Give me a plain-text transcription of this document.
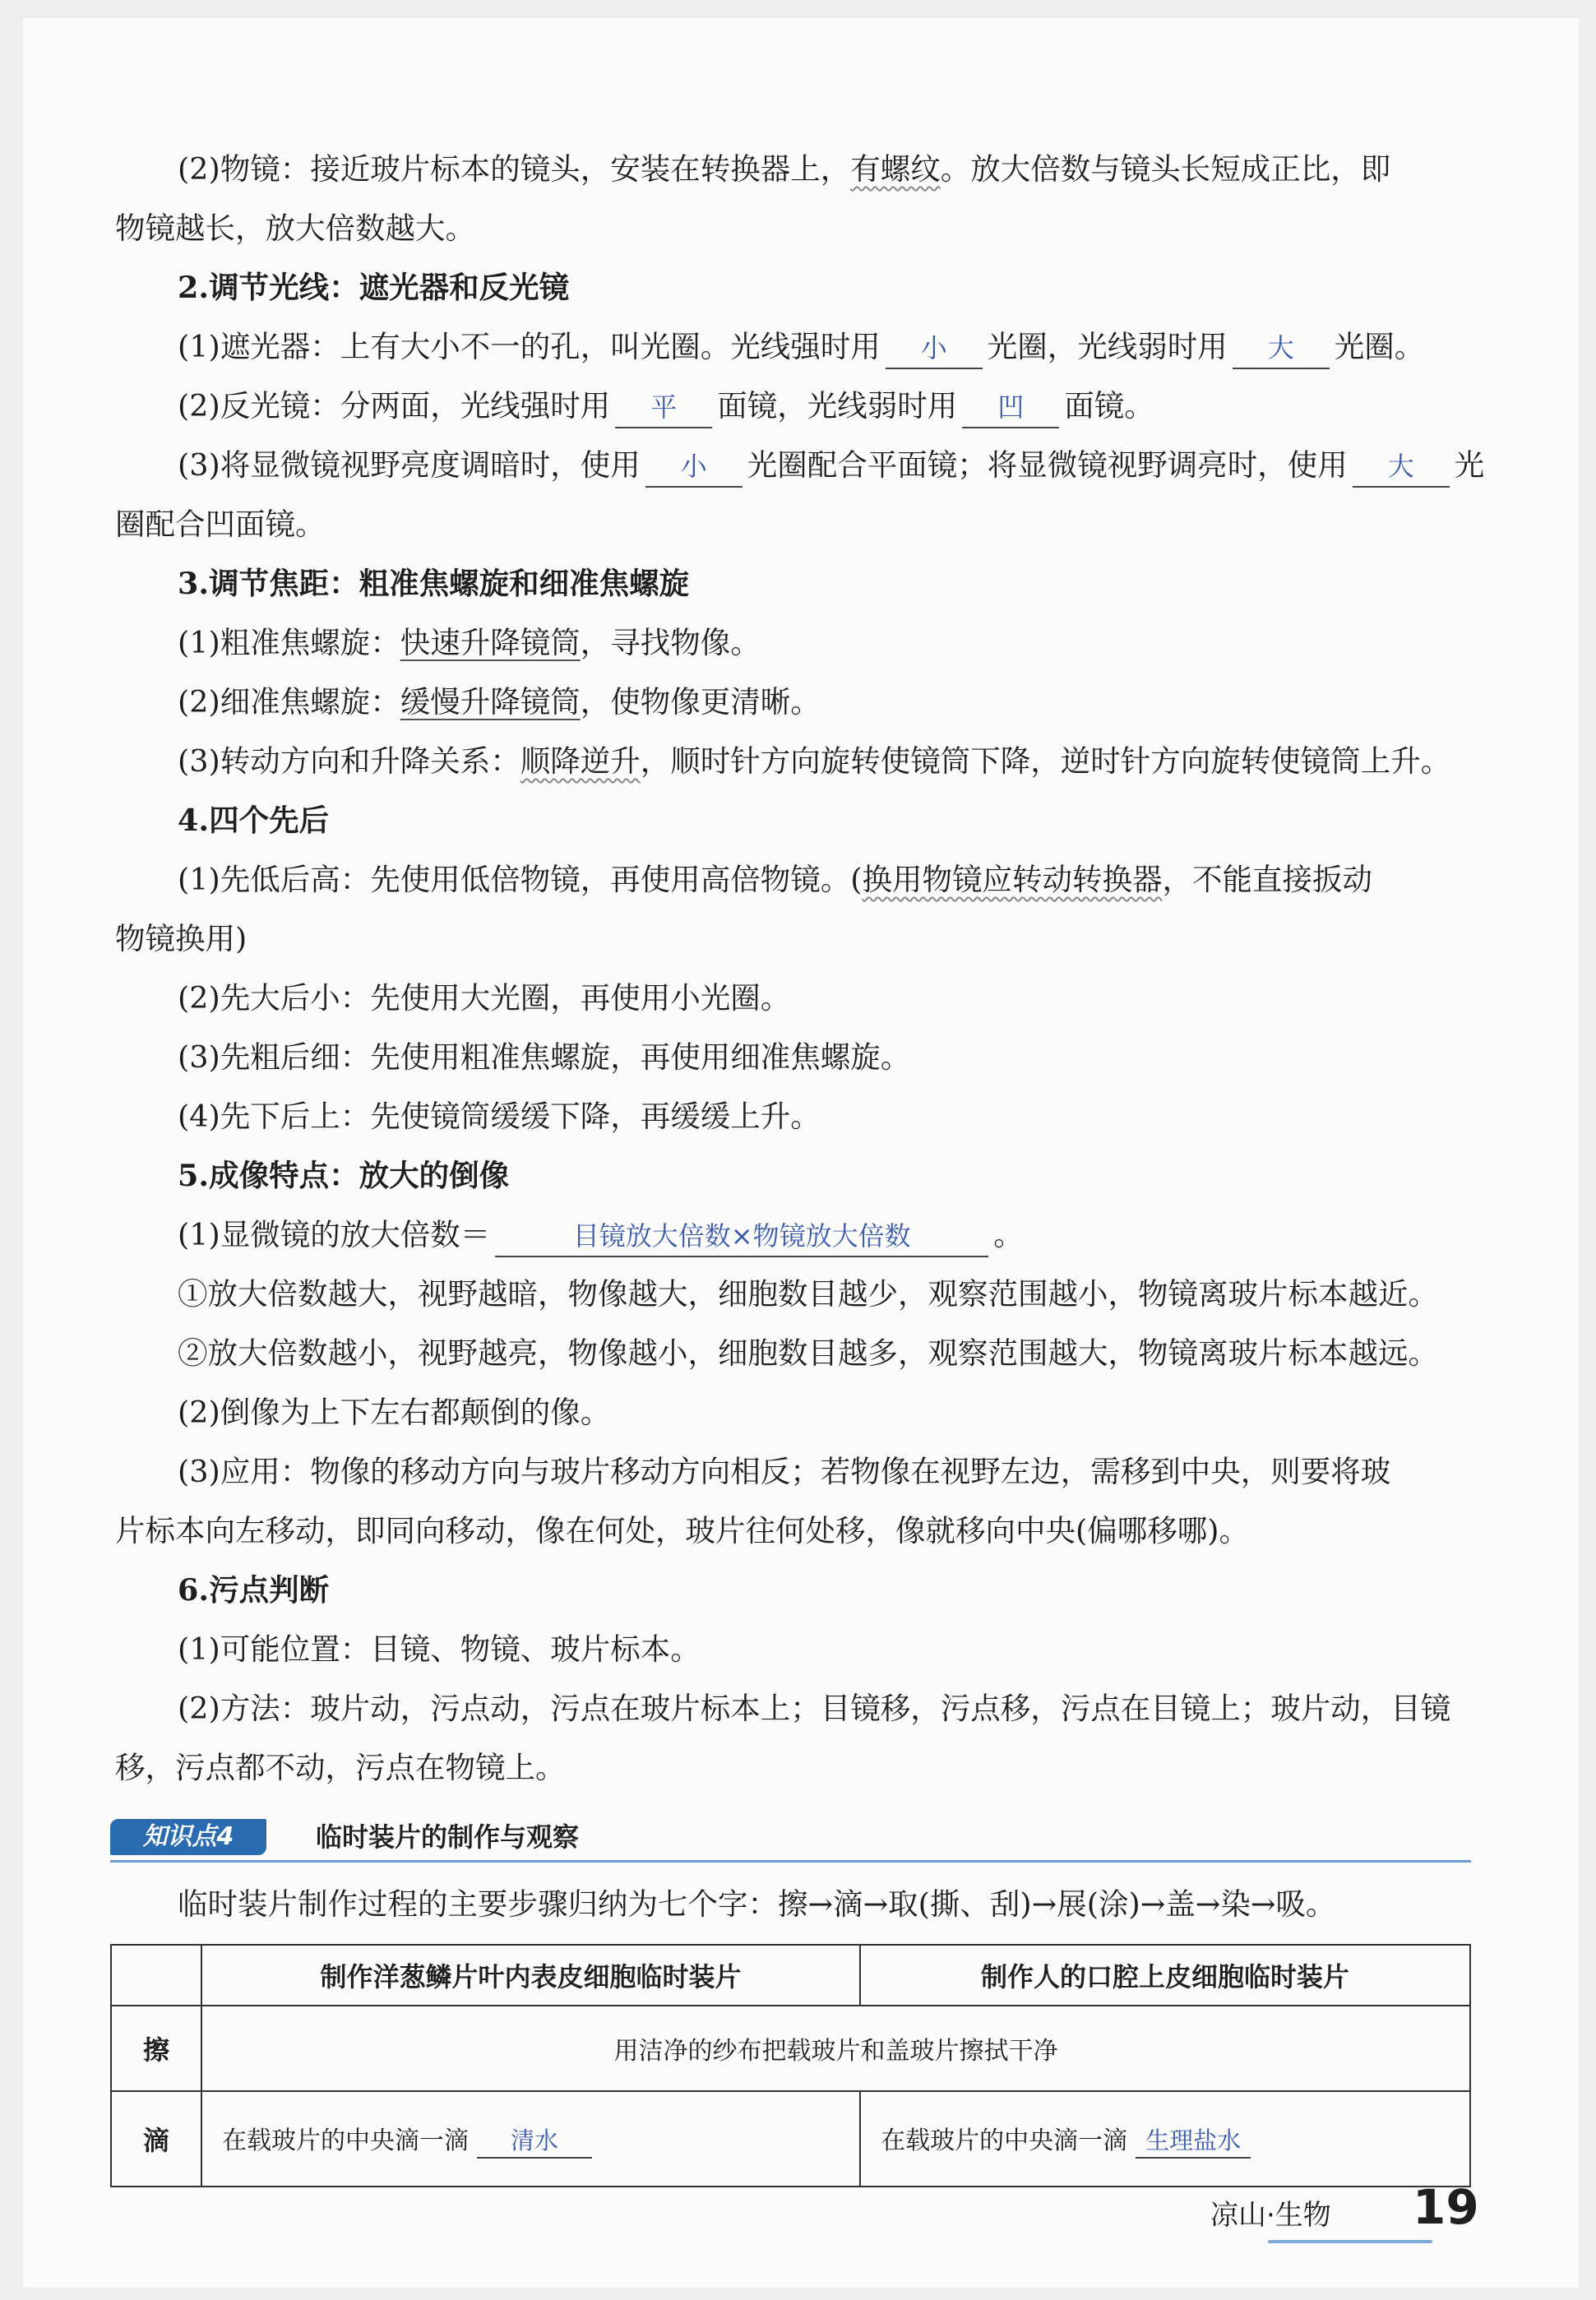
(2)物镜：接近玻片标本的镜头，安装在转换器上，有螺纹。放大倍数与镜头长短成正比，即
物镜越长，放大倍数越大。
2.调节光线：遮光器和反光镜
(1)遮光器：上有大小不一的孔，叫光圈。光线强时用 小 光圈，光线弱时用 大 光圈。
(2)反光镜：分两面，光线强时用 平 面镜，光线弱时用 凹 面镜。
(3)将显微镜视野亮度调暗时，使用 小 光圈配合平面镜；将显微镜视野调亮时，使用 大 光
圈配合凹面镜。
3.调节焦距：粗准焦螺旋和细准焦螺旋
(1)粗准焦螺旋：快速升降镜筒，寻找物像。
(2)细准焦螺旋：缓慢升降镜筒，使物像更清晰。
(3)转动方向和升降关系：顺降逆升，顺时针方向旋转使镜筒下降，逆时针方向旋转使镜筒上升。
4.四个先后
(1)先低后高：先使用低倍物镜，再使用高倍物镜。(换用物镜应转动转换器，不能直接扳动
物镜换用)
(2)先大后小：先使用大光圈，再使用小光圈。
(3)先粗后细：先使用粗准焦螺旋，再使用细准焦螺旋。
(4)先下后上：先使镜筒缓缓下降，再缓缓上升。
5.成像特点：放大的倒像
(1)显微镜的放大倍数＝	目镜放大倍数×物镜放大倍数	。
①放大倍数越大，视野越暗，物像越大，细胞数目越少，观察范围越小，物镜离玻片标本越近。
②放大倍数越小，视野越亮，物像越小，细胞数目越多，观察范围越大，物镜离玻片标本越远。
(2)倒像为上下左右都颠倒的像。
(3)应用：物像的移动方向与玻片移动方向相反；若物像在视野左边，需移到中央，则要将玻
片标本向左移动，即同向移动，像在何处，玻片往何处移，像就移向中央(偏哪移哪)。
6.污点判断
(1)可能位置：目镜、物镜、玻片标本。
(2)方法：玻片动，污点动，污点在玻片标本上；目镜移，污点移，污点在目镜上；玻片动，目镜
移，污点都不动，污点在物镜上。
知识点4	临时装片的制作与观察
临时装片制作过程的主要步骤归纳为七个字：擦→滴→取(撕、刮)→展(涂)→盖→染→吸。
	制作洋葱鳞片叶内表皮细胞临时装片	制作人的口腔上皮细胞临时装片
擦	用洁净的纱布把载玻片和盖玻片擦拭干净	
滴	在载玻片的中央滴一滴 清水	在载玻片的中央滴一滴 生理盐水
凉山·生物 19
